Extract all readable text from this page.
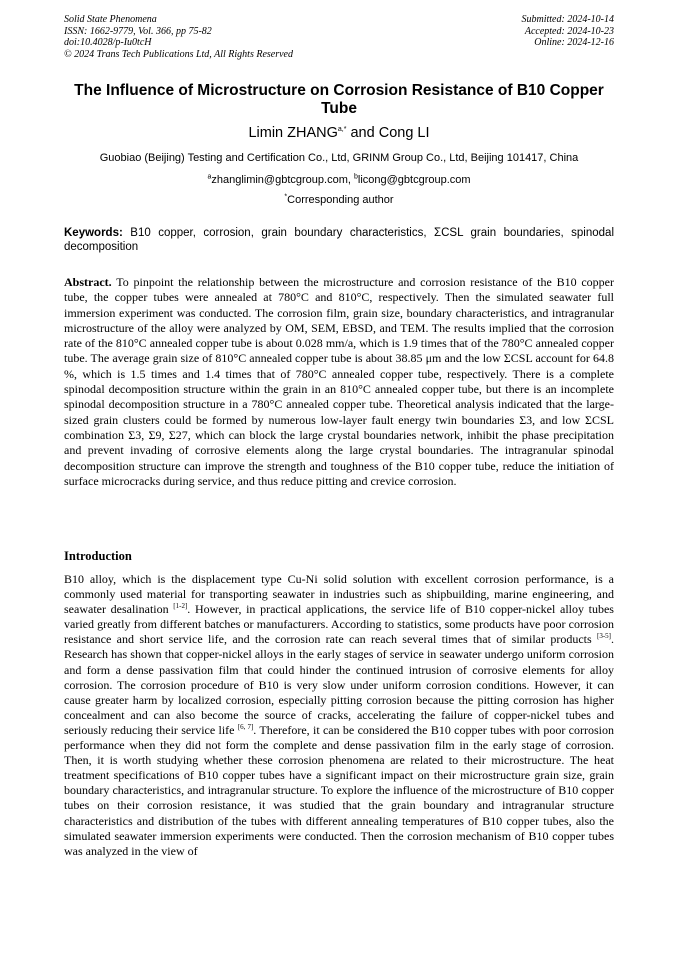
Solid State Phenomena
ISSN: 1662-9779, Vol. 366, pp 75-82
doi:10.4028/p-Iu0tcH
© 2024 Trans Tech Publications Ltd, All Rights Reserved
Submitted: 2024-10-14
Accepted: 2024-10-23
Online: 2024-12-16
The Influence of Microstructure on Corrosion Resistance of B10 Copper Tube
Limin $ZHANG^{a,*}$ and Cong LI
Guobiao (Beijing) Testing and Certification Co., Ltd, GRINM Group Co., Ltd, Beijing 101417, China
$^a$zhanglimin@gbtcgroup.com, $^b$licong@gbtcgroup.com
*Corresponding author
Keywords: B10 copper, corrosion, grain boundary characteristics, ΣCSL grain boundaries, spinodal decomposition
Abstract. To pinpoint the relationship between the microstructure and corrosion resistance of the B10 copper tube, the copper tubes were annealed at 780°C and 810°C, respectively. Then the simulated seawater full immersion experiment was conducted. The corrosion film, grain size, boundary characteristics, and intragranular microstructure of the alloy were analyzed by OM, SEM, EBSD, and TEM. The results implied that the corrosion rate of the 810°C annealed copper tube is about 0.028 mm/a, which is 1.9 times that of the 780°C annealed copper tube. The average grain size of 810°C annealed copper tube is about 38.85 μm and the low ΣCSL account for 64.8 %, which is 1.5 times and 1.4 times that of 780°C annealed copper tube, respectively. There is a complete spinodal decomposition structure within the grain in an 810°C annealed copper tube, but there is an incomplete spinodal decomposition structure in a 780°C annealed copper tube. Theoretical analysis indicated that the large-sized grain clusters could be formed by numerous low-layer fault energy twin boundaries Σ3, and low ΣCSL combination Σ3, Σ9, Σ27, which can block the large crystal boundaries network, inhibit the phase precipitation and prevent invading of corrosive elements along the large crystal boundaries. The intragranular spinodal decomposition structure can improve the strength and toughness of the B10 copper tube, reduce the initiation of surface microcracks during service, and thus reduce pitting and crevice corrosion.
Introduction
B10 alloy, which is the displacement type Cu-Ni solid solution with excellent corrosion performance, is a commonly used material for transporting seawater in industries such as shipbuilding, marine engineering, and seawater desalination [1-2]. However, in practical applications, the service life of B10 copper-nickel alloy tubes varied greatly from different batches or manufacturers. According to statistics, some products have poor corrosion resistance and short service life, and the corrosion rate can reach several times that of similar products [3-5]. Research has shown that copper-nickel alloys in the early stages of service in seawater undergo uniform corrosion and form a dense passivation film that could hinder the continued intrusion of corrosive elements for alloy corrosion. The corrosion procedure of B10 is very slow under uniform corrosion conditions. However, it can cause greater harm by localized corrosion, especially pitting corrosion because the pitting corrosion has higher concealment and can also become the source of cracks, accelerating the failure of copper-nickel tubes and seriously reducing their service life [6, 7]. Therefore, it can be considered the B10 copper tubes with poor corrosion performance when they did not form the complete and dense passivation film in the early stage of corrosion. Then, it is worth studying whether these corrosion phenomena are related to their microstructure. The heat treatment specifications of B10 copper tubes have a significant impact on their microstructure grain size, grain boundary characteristics, and intragranular structure. To explore the influence of the microstructure of B10 copper tubes on their corrosion resistance, it was studied that the grain boundary and intragranular structure characteristics and distribution of the tubes with different annealing temperatures of B10 copper tubes, also the simulated seawater immersion experiments were conducted. Then the corrosion mechanism of B10 copper tubes was analyzed in the view of
